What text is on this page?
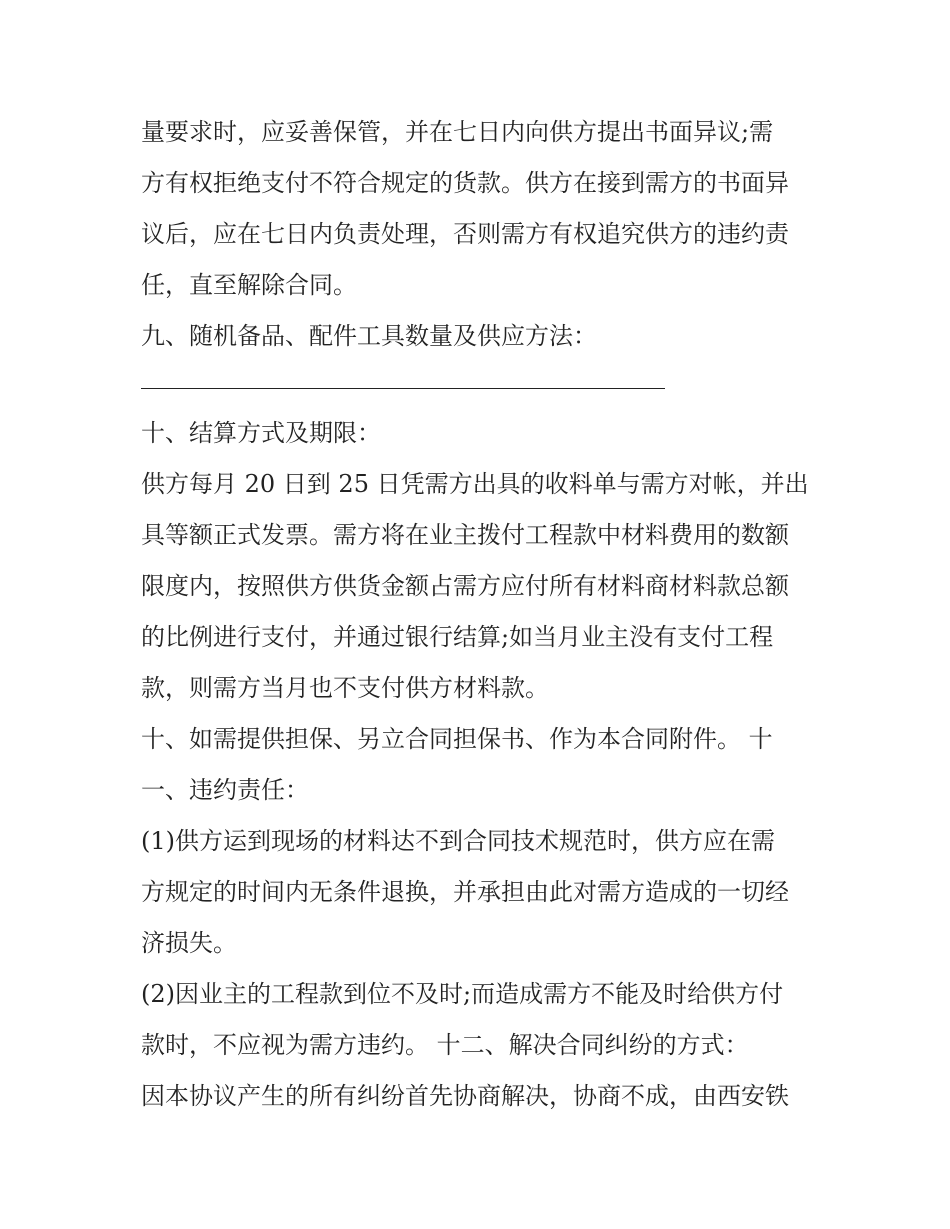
量要求时，应妥善保管，并在七日内向供方提出书面异议;需
方有权拒绝支付不符合规定的货款。供方在接到需方的书面异
议后，应在七日内负责处理，否则需方有权追究供方的违约责
任，直至解除合同。
九、随机备品、配件工具数量及供应方法：
十、结算方式及期限：
供方每月 20 日到 25 日凭需方出具的收料单与需方对帐，并出
具等额正式发票。需方将在业主拨付工程款中材料费用的数额
限度内，按照供方供货金额占需方应付所有材料商材料款总额
的比例进行支付，并通过银行结算;如当月业主没有支付工程
款，则需方当月也不支付供方材料款。
十、如需提供担保、另立合同担保书、作为本合同附件。 十
一、违约责任：
(1)供方运到现场的材料达不到合同技术规范时，供方应在需
方规定的时间内无条件退换，并承担由此对需方造成的一切经
济损失。
(2)因业主的工程款到位不及时;而造成需方不能及时给供方付
款时，不应视为需方违约。 十二、解决合同纠纷的方式：
因本协议产生的所有纠纷首先协商解决，协商不成，由西安铁
